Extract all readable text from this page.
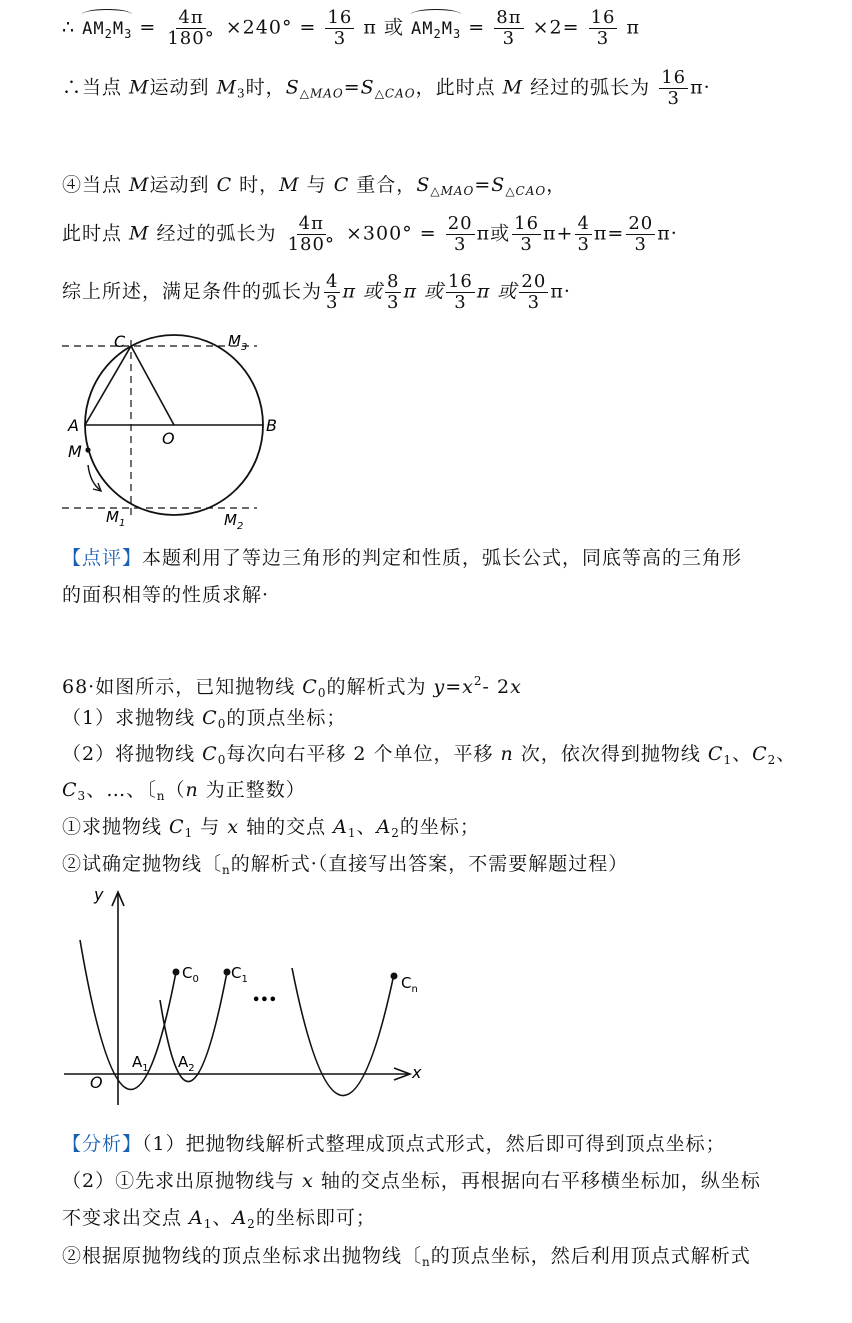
∴ $AM_2M_3 = \frac{4\pi}{180^\circ} \times 240^\circ = \frac{16}{3}$ π 或 $AM_2M_3 = \frac{8\pi}{3} \times 2= \frac{16}{3}$ π
∴当点 M运动到 $M_3$时，$S_{\triangle MAO}=S_{\triangle CAO}$，此时点 M 经过的弧长为 $\frac{16}{3} \pi\cdot$
④当点 M运动到 C 时，M 与 C 重合，$S_{\triangle MAO}=S_{\triangle CAO}$，
此时点 M 经过的弧长为 $\frac{4\pi}{180^\circ} \times 300^\circ = \frac{20}{3}$ π或 $\frac{16}{3} \pi+ \frac{4}{3} \pi= \frac{20}{3} \pi\cdot$
综上所述，满足条件的弧长为 $\frac{4}{3}$ π 或 $\frac{8}{3}$ π 或 $\frac{16}{3}$ π 或 $\frac{20}{3} \pi\cdot$
C	$M_3$
A
O
B
M
$M_1$	$M_2$
【点评】本题利用了等边三角形的判定和性质，弧长公式，同底等高的三角形
的面积相等的性质求解·
68·如图所示，已知抛物线 $C_0$的解析式为 $y=x^2-$ 2x
（1）求抛物线 $C_0$的顶点坐标；
（2）将抛物线 $C_0$每次向右平移 2 个单位，平移 n 次，依次得到抛物线 $C_1$、$C_2$、
$C_3$、…、〔$_n$（n 为正整数）
①求抛物线 $C_1$ 与 x 轴的交点 $A_1$、$A_2$的坐标；
②试确定抛物线〔$_n$的解析式·（直接写出答案，不需要解题过程）
y
x
O
$C_0$ $C_1$
•••
$C_n$
$A_1$ $A_2$
【分析】（1）把抛物线解析式整理成顶点式形式，然后即可得到顶点坐标；
（2）①先求出原抛物线与 x 轴的交点坐标，再根据向右平移横坐标加，纵坐标
不变求出交点 $A_1$、$A_2$的坐标即可；
②根据原抛物线的顶点坐标求出抛物线〔$_n$的顶点坐标，然后利用顶点式解析式
